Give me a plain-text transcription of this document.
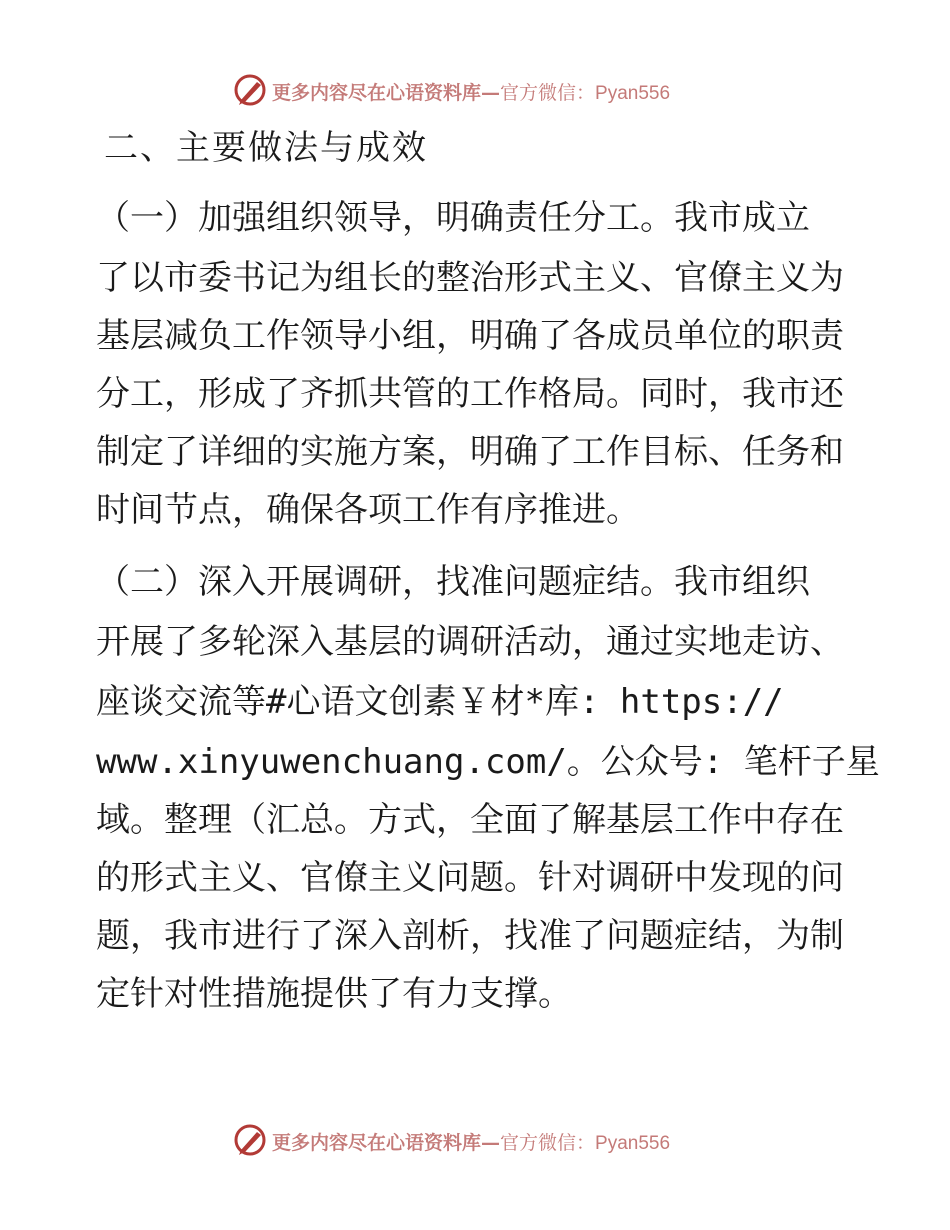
更多内容尽在心语资料库—官方微信：Pyan556
二、主要做法与成效
（一）加强组织领导，明确责任分工。我市成立
了以市委书记为组长的整治形式主义、官僚主义为
基层减负工作领导小组，明确了各成员单位的职责
分工，形成了齐抓共管的工作格局。同时，我市还
制定了详细的实施方案，明确了工作目标、任务和
时间节点，确保各项工作有序推进。
（二）深入开展调研，找准问题症结。我市组织
开展了多轮深入基层的调研活动，通过实地走访、
座谈交流等#心语文创素￥材*库: https://
www.xinyuwenchuang.com/。公众号: 笔杆子星
域。整理（汇总。方式，全面了解基层工作中存在
的形式主义、官僚主义问题。针对调研中发现的问
题，我市进行了深入剖析，找准了问题症结，为制
定针对性措施提供了有力支撑。
更多内容尽在心语资料库—官方微信：Pyan556
